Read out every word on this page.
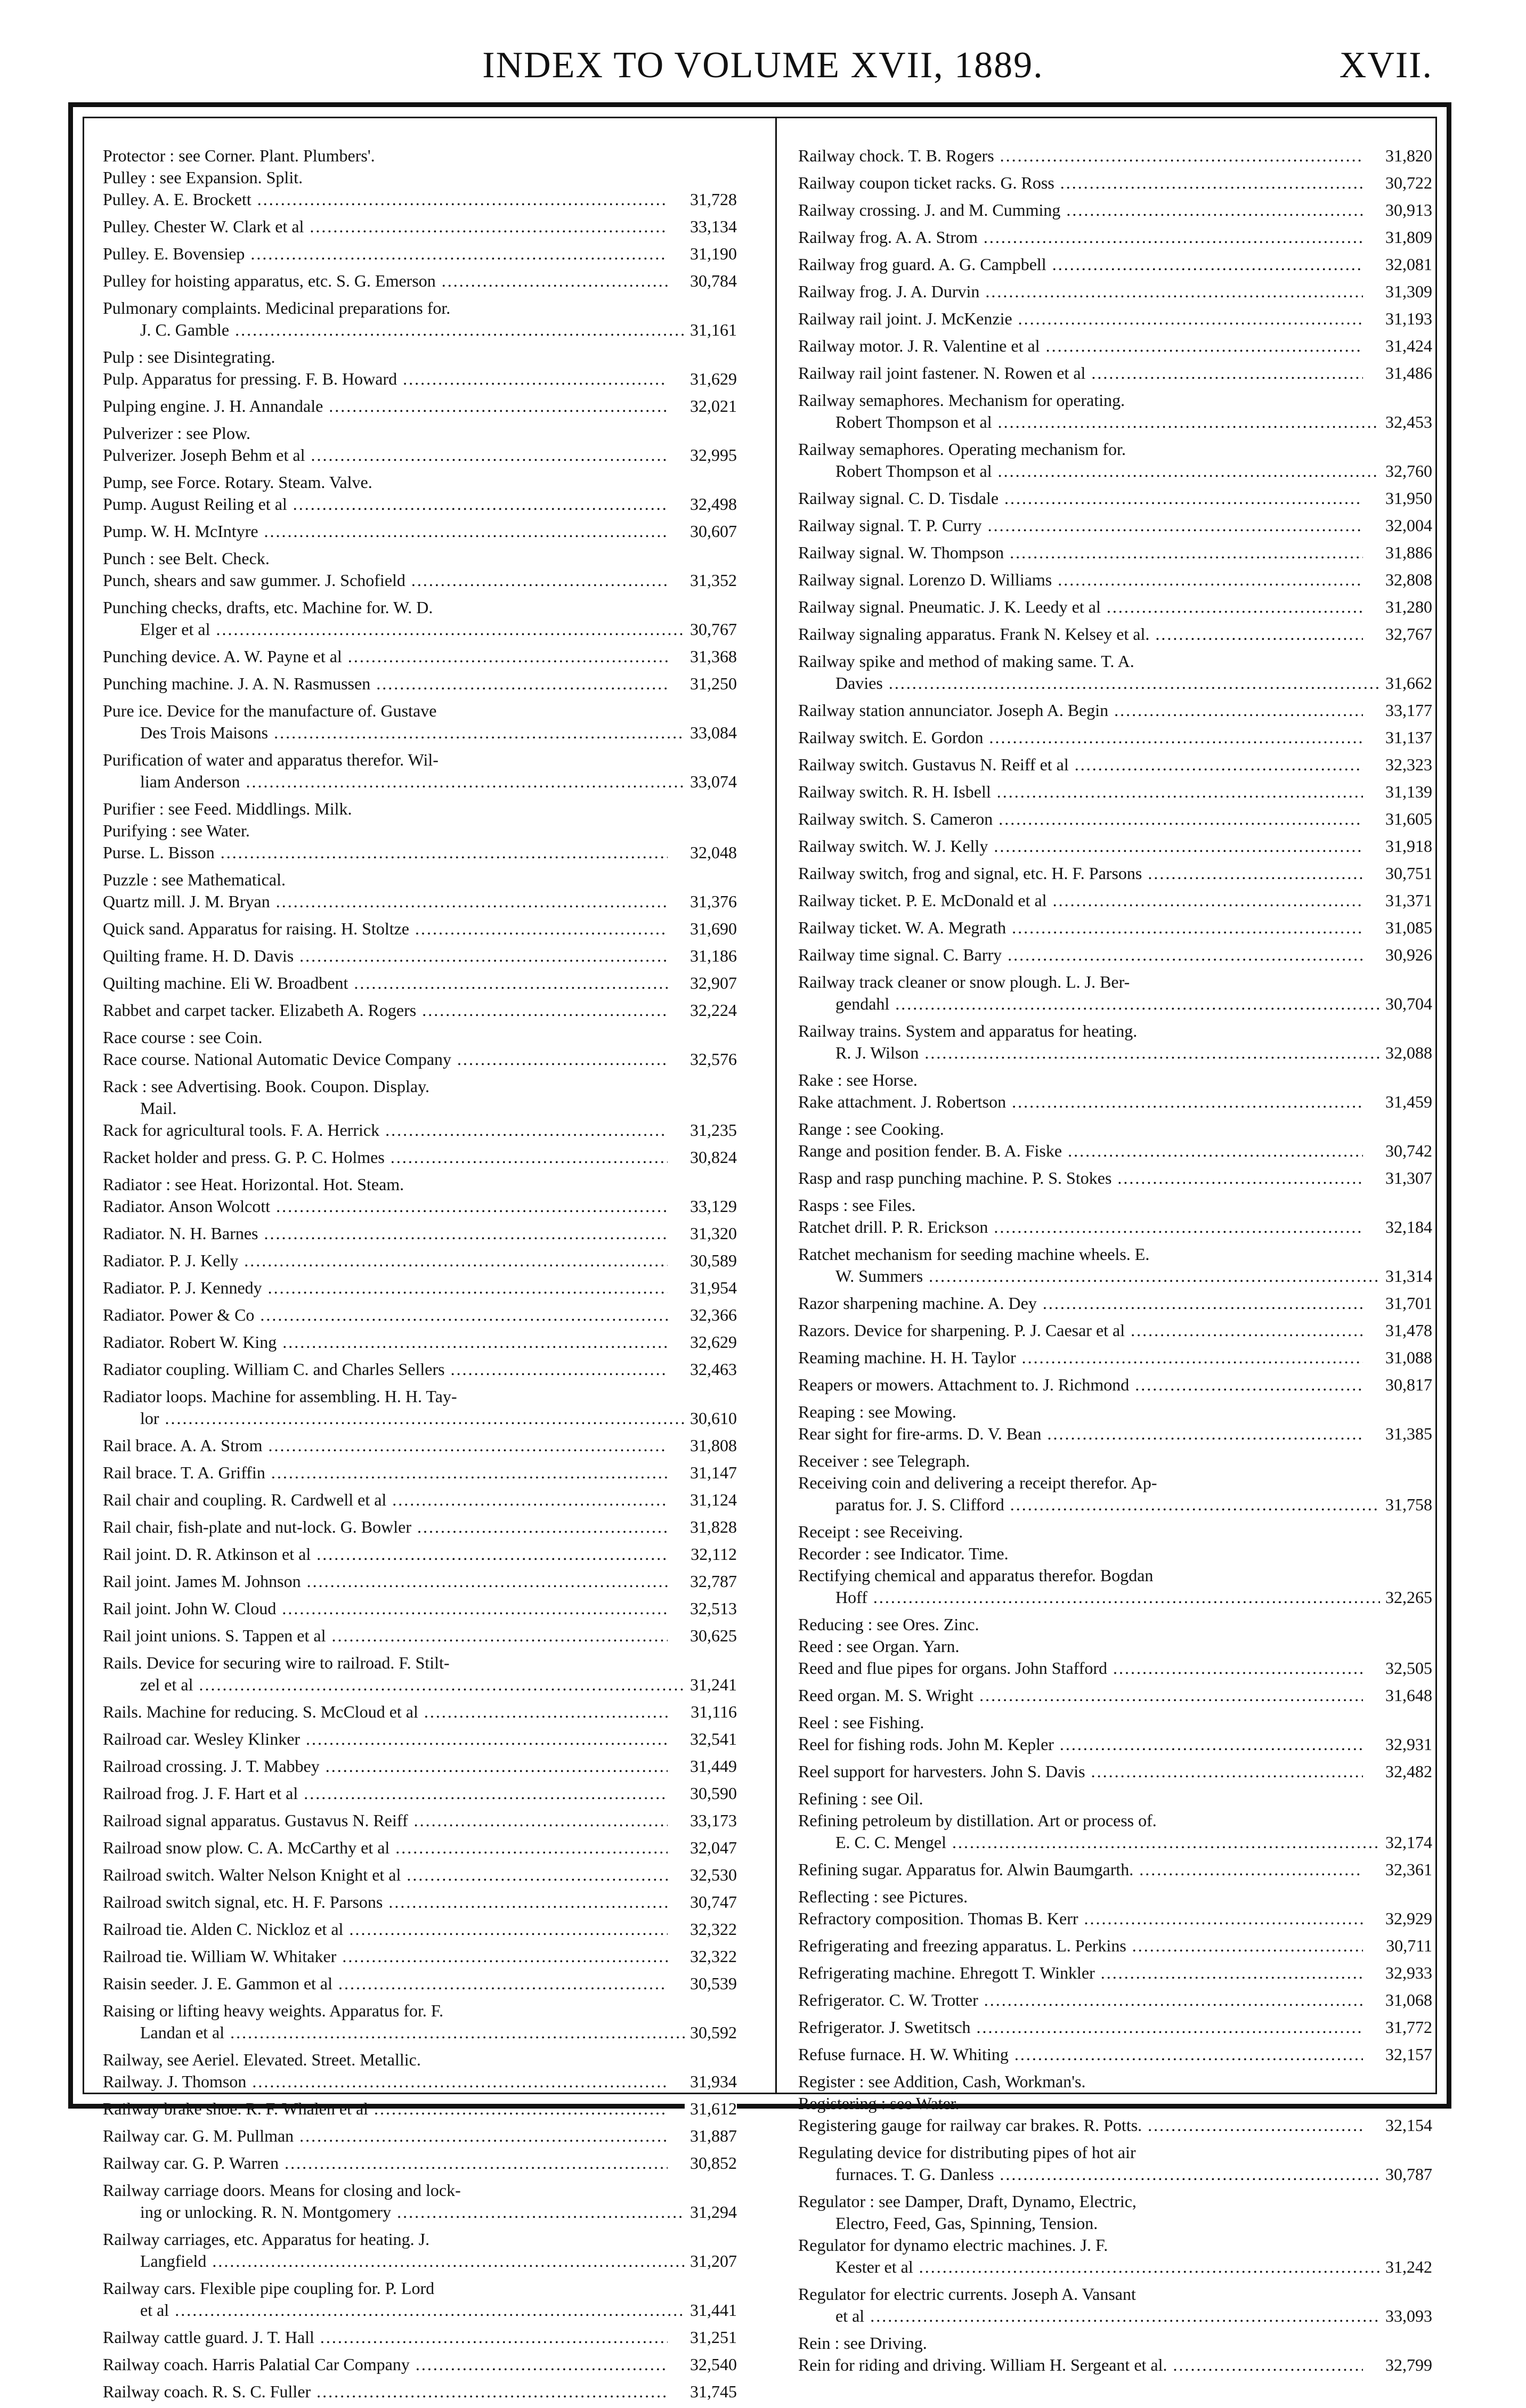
INDEX TO VOLUME XVII, 1889.	XVII.
Protector : see Corner. Plant. Plumbers'.
Pulley : see Expansion. Split.
Pulley. A. E. Brockett .....	31,728
Pulley. Chester W. Clark et al .....	33,134
Pulley. E. Bovensiep .....	31,190
Pulley for hoisting apparatus, etc. S. G. Emerson .....	30,784
Pulmonary complaints. Medicinal preparations for.
J. C. Gamble .....	31,161
Pulp : see Disintegrating.
Pulp. Apparatus for pressing. F. B. Howard .....	31,629
Pulping engine. J. H. Annandale .....	32,021
Pulverizer : see Plow.
Pulverizer. Joseph Behm et al .....	32,995
Pump, see Force. Rotary. Steam. Valve.
Pump. August Reiling et al .....	32,498
Pump. W. H. McIntyre .....	30,607
Punch : see Belt. Check.
Punch, shears and saw gummer. J. Schofield .....	31,352
Punching checks, drafts, etc. Machine for. W. D.
Elger et al .....	30,767
Punching device. A. W. Payne et al .....	31,368
Punching machine. J. A. N. Rasmussen .....	31,250
Pure ice. Device for the manufacture of. Gustave
Des Trois Maisons .....	33,084
Purification of water and apparatus therefor. Wil-
liam Anderson .....	33,074
Purifier : see Feed. Middlings. Milk.
Purifying : see Water.
Purse. L. Bisson .....	32,048
Puzzle : see Mathematical.
Quartz mill. J. M. Bryan .....	31,376
Quick sand. Apparatus for raising. H. Stoltze .....	31,690
Quilting frame. H. D. Davis .....	31,186
Quilting machine. Eli W. Broadbent .....	32,907
Rabbet and carpet tacker. Elizabeth A. Rogers .....	32,224
Race course : see Coin.
Race course. National Automatic Device Company .....	32,576
Rack : see Advertising. Book. Coupon. Display.
Mail.
Rack for agricultural tools. F. A. Herrick .....	31,235
Racket holder and press. G. P. C. Holmes .....	30,824
Radiator : see Heat. Horizontal. Hot. Steam.
Radiator. Anson Wolcott .....	33,129
Radiator. N. H. Barnes .....	31,320
Radiator. P. J. Kelly .....	30,589
Radiator. P. J. Kennedy .....	31,954
Radiator. Power & Co .....	32,366
Radiator. Robert W. King .....	32,629
Radiator coupling. William C. and Charles Sellers .....	32,463
Radiator loops. Machine for assembling. H. H. Tay-
lor .....	30,610
Rail brace. A. A. Strom .....	31,808
Rail brace. T. A. Griffin .....	31,147
Rail chair and coupling. R. Cardwell et al .....	31,124
Rail chair, fish-plate and nut-lock. G. Bowler .....	31,828
Rail joint. D. R. Atkinson et al .....	32,112
Rail joint. James M. Johnson .....	32,787
Rail joint. John W. Cloud .....	32,513
Rail joint unions. S. Tappen et al .....	30,625
Rails. Device for securing wire to railroad. F. Stilt-
zel et al .....	31,241
Rails. Machine for reducing. S. McCloud et al .....	31,116
Railroad car. Wesley Klinker .....	32,541
Railroad crossing. J. T. Mabbey .....	31,449
Railroad frog. J. F. Hart et al .....	30,590
Railroad signal apparatus. Gustavus N. Reiff .....	33,173
Railroad snow plow. C. A. McCarthy et al .....	32,047
Railroad switch. Walter Nelson Knight et al .....	32,530
Railroad switch signal, etc. H. F. Parsons .....	30,747
Railroad tie. Alden C. Nickloz et al .....	32,322
Railroad tie. William W. Whitaker .....	32,322
Raisin seeder. J. E. Gammon et al .....	30,539
Raising or lifting heavy weights. Apparatus for. F.
Landan et al .....	30,592
Railway, see Aeriel. Elevated. Street. Metallic.
Railway. J. Thomson .....	31,934
Railway brake shoe. R. F. Whalen et al .....	31,612
Railway car. G. M. Pullman .....	31,887
Railway car. G. P. Warren .....	30,852
Railway carriage doors. Means for closing and lock-
ing or unlocking. R. N. Montgomery .....	31,294
Railway carriages, etc. Apparatus for heating. J.
Langfield .....	31,207
Railway cars. Flexible pipe coupling for. P. Lord
et al .....	31,441
Railway cattle guard. J. T. Hall .....	31,251
Railway coach. Harris Palatial Car Company .....	32,540
Railway coach. R. S. C. Fuller .....	31,745
Railway chock. T. B. Rogers .....	31,820
Railway coupon ticket racks. G. Ross .....	30,722
Railway crossing. J. and M. Cumming .....	30,913
Railway frog. A. A. Strom .....	31,809
Railway frog guard. A. G. Campbell .....	32,081
Railway frog. J. A. Durvin .....	31,309
Railway rail joint. J. McKenzie .....	31,193
Railway motor. J. R. Valentine et al .....	31,424
Railway rail joint fastener. N. Rowen et al .....	31,486
Railway semaphores. Mechanism for operating.
Robert Thompson et al .....	32,453
Railway semaphores. Operating mechanism for.
Robert Thompson et al .....	32,760
Railway signal. C. D. Tisdale .....	31,950
Railway signal. T. P. Curry .....	32,004
Railway signal. W. Thompson .....	31,886
Railway signal. Lorenzo D. Williams .....	32,808
Railway signal. Pneumatic. J. K. Leedy et al .....	31,280
Railway signaling apparatus. Frank N. Kelsey et al. .....	32,767
Railway spike and method of making same. T. A.
Davies .....	31,662
Railway station annunciator. Joseph A. Begin .....	33,177
Railway switch. E. Gordon .....	31,137
Railway switch. Gustavus N. Reiff et al .....	32,323
Railway switch. R. H. Isbell .....	31,139
Railway switch. S. Cameron .....	31,605
Railway switch. W. J. Kelly .....	31,918
Railway switch, frog and signal, etc. H. F. Parsons .....	30,751
Railway ticket. P. E. McDonald et al .....	31,371
Railway ticket. W. A. Megrath .....	31,085
Railway time signal. C. Barry .....	30,926
Railway track cleaner or snow plough. L. J. Ber-
gendahl .....	30,704
Railway trains. System and apparatus for heating.
R. J. Wilson .....	32,088
Rake : see Horse.
Rake attachment. J. Robertson .....	31,459
Range : see Cooking.
Range and position fender. B. A. Fiske .....	30,742
Rasp and rasp punching machine. P. S. Stokes .....	31,307
Rasps : see Files.
Ratchet drill. P. R. Erickson .....	32,184
Ratchet mechanism for seeding machine wheels. E.
W. Summers .....	31,314
Razor sharpening machine. A. Dey .....	31,701
Razors. Device for sharpening. P. J. Caesar et al .....	31,478
Reaming machine. H. H. Taylor .....	31,088
Reapers or mowers. Attachment to. J. Richmond .....	30,817
Reaping : see Mowing.
Rear sight for fire-arms. D. V. Bean .....	31,385
Receiver : see Telegraph.
Receiving coin and delivering a receipt therefor. Ap-
paratus for. J. S. Clifford .....	31,758
Receipt : see Receiving.
Recorder : see Indicator. Time.
Rectifying chemical and apparatus therefor. Bogdan
Hoff .....	32,265
Reducing : see Ores. Zinc.
Reed : see Organ. Yarn.
Reed and flue pipes for organs. John Stafford .....	32,505
Reed organ. M. S. Wright .....	31,648
Reel : see Fishing.
Reel for fishing rods. John M. Kepler .....	32,931
Reel support for harvesters. John S. Davis .....	32,482
Refining : see Oil.
Refining petroleum by distillation. Art or process of.
E. C. C. Mengel .....	32,174
Refining sugar. Apparatus for. Alwin Baumgarth. .....	32,361
Reflecting : see Pictures.
Refractory composition. Thomas B. Kerr .....	32,929
Refrigerating and freezing apparatus. L. Perkins .....	30,711
Refrigerating machine. Ehregott T. Winkler .....	32,933
Refrigerator. C. W. Trotter .....	31,068
Refrigerator. J. Swetitsch .....	31,772
Refuse furnace. H. W. Whiting .....	32,157
Register : see Addition, Cash, Workman's.
Registering : see Water.
Registering gauge for railway car brakes. R. Potts. .....	32,154
Regulating device for distributing pipes of hot air
furnaces. T. G. Danless .....	30,787
Regulator : see Damper, Draft, Dynamo, Electric,
Electro, Feed, Gas, Spinning, Tension.
Regulator for dynamo electric machines. J. F.
Kester et al .....	31,242
Regulator for electric currents. Joseph A. Vansant
et al .....	33,093
Rein : see Driving.
Rein for riding and driving. William H. Sergeant et al. .....	32,799
